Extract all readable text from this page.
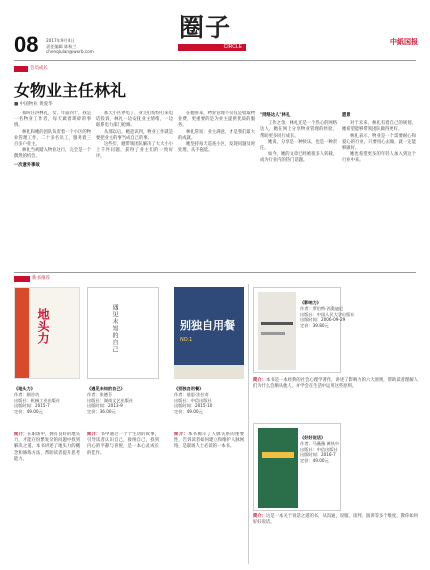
08 2017年9月4日
责任编辑 陈秋兰
chenqiulan@wxrb.com
圈子
CIRCLE
中紙国报
会员成长
女物业主任林礼
■ 中国物业 黄爱华

我叫汪洪林礼，女，年届四十，我是一名物业工作者，每天做着琐碎的事情。

林礼和她的团队负责着一个小区的物业管理工作，二十多名员工，服务着三百多户业主。

林礼当初踏入物业这行，完全是一个偶然的机会。

一次意外事故

那天小区停电了，业主们纷纷打来电话投诉，林礼一边安抚业主情绪，一边联系电力部门抢修。

从那以后，她意识到，物业工作就是要把业主的事当成自己的事。

这些年，她带领团队解决了大大小小上千件问题，获得了业主们的一致好评。

在她看来，物业管理不仅仅是收取物业费，更重要的是为业主提供优质的服务。

林礼常说：业主满意，才是我们最大的成就。

她坚持每天巡查小区，发现问题及时处理，从不拖延。

"网络达人"林礼

工作之余，林礼还是一个热心的网络达人，她在网上分享物业管理的经验，帮助更多同行成长。

她说，分享是一种快乐，也是一种责任。

如今，她的文章已经被很多人转载，成为行业内的热门话题。

愿景

对于未来，林礼有着自己的规划，她希望能够带领团队做得更好。

林礼表示，物业是一个需要耐心和爱心的行业，只要用心去做，就一定能够做好。

她也希望更多的年轻人加入到这个行业中来。

新书推荐
地头力	遇见未知的自己	别独自用餐
NO.1
《地头力》
作者：细谷功
出版社：机械工业出版社
出版时间：2015-7
定价：49.00元
《遇见未知的自己》
作者：张德芬
出版社：湖南文艺出版社
出版时间：2013-9
定价：36.00元
《别独自用餐》
作者：基思·法拉奇
出版社：中信出版社
出版时间：2015-10
定价：49.00元
简介：在职场中，拥有良好的地头力，才能在纷繁复杂的问题中找到解决之道。本书讲述了地头力的概念和修炼方法，帮助读者提升思考能力。
简介：书中通过一个个生动的故事，引导读者认识自己，接纳自己，找到内心的平静与喜悦，是一本心灵成长的佳作。
简介：本书揭示了人脉关系的重要性，告诉读者如何建立和维护人脉网络，是职场人士必读的一本书。
《影响力》
作者：罗伯特·西奥迪尼
出版社：中国人民大学出版社
出版时间：2006-09-29
定价：39.80元
简介：本书是一本经典的社会心理学著作，讲述了影响力的六大原则，帮助读者理解人们为什么会顺从他人，并学会在生活中运用这些原则。
《好好说话》
作者：马薇薇 黄执中
出版社：中信出版社
出版时间：2016-7
定价：49.00元
简介：这是一本关于说话之道的书，从沟通、说服、谈判、演讲等多个维度，教你如何好好说话。
